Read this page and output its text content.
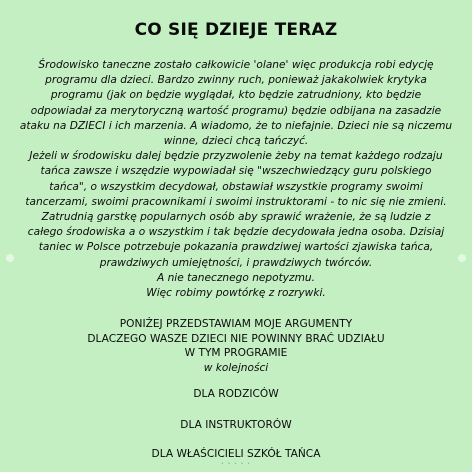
CO SIĘ DZIEJE TERAZ

Środowisko taneczne zostało całkowicie 'olane' więc produkcja robi edycję

programu dla dzieci. Bardzo zwinny ruch, ponieważ jakakolwiek krytyka

programu (jak on będzie wyglądał, kto będzie zatrudniony, kto będzie

odpowiadał za merytoryczną wartość programu) będzie odbijana na zasadzie

ataku na DZIECI i ich marzenia. A wiadomo, że to niefajnie. Dzieci nie są niczemu

winne, dzieci chcą tańczyć.

Jeżeli w środowisku dalej będzie przyzwolenie żeby na temat każdego rodzaju

tańca zawsze i wszędzie wypowiadał się "wszechwiedzący guru polskiego

tańca", o wszystkim decydował, obstawiał wszystkie programy swoimi

tancerzami, swoimi pracownikami i swoimi instruktorami - to nic się nie zmieni.

Zatrudnią garstkę popularnych osób aby sprawić wrażenie, że są ludzie z

całego środowiska a o wszystkim i tak będzie decydowała jedna osoba. Dzisiaj

taniec w Polsce potrzebuje pokazania prawdziwej wartości zjawiska tańca,

prawdziwych umiejętności, i prawdziwych twórców.

A nie tanecznego nepotyzmu.

Więc robimy powtórkę z rozrywki.

PONIŻEJ PRZEDSTAWIAM MOJE ARGUMENTY
DLACZEGO WASZE DZIECI NIE POWINNY BRAĆ UDZIAŁU
W TYM PROGRAMIE
w kolejności
DLA RODZICÓW
DLA INSTRUKTORÓW
DLA WŁAŚCICIELI SZKÓŁ TAŃCA
• • • • •
